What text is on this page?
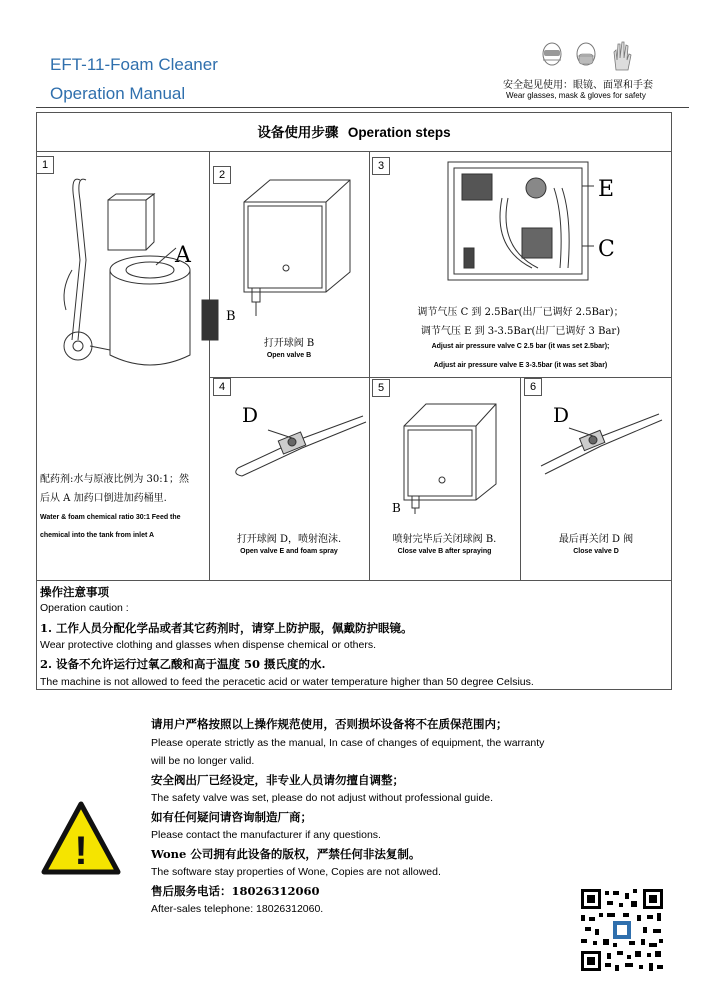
EFT-11-Foam Cleaner
Operation Manual	安全起见使用：眼镜、面罩和手套
Wear glasses, mask & gloves for safety
设备使用步骤 Operation steps
1
2
3
4	5	6
A
配药剂:水与原液比例为 30:1；然
后从 A 加药口倒进加药桶里.
Water & foam chemical ratio 30:1 Feed the
chemical into the tank from inlet A
B
打开球阀 B
Open valve B
E
C
调节气压 C 到 2.5Bar(出厂已调好 2.5Bar)；
调节气压 E 到 3-3.5Bar(出厂已调好 3 Bar)
Adjust air pressure valve C 2.5 bar (it was set 2.5bar);
Adjust air pressure valve E 3-3.5bar (it was set 3bar)
D
打开球阀 D，喷射泡沫.
Open valve E and foam spray
B
喷射完毕后关闭球阀 B.
Close valve B after spraying
D
最后再关闭 D 阀
Close valve D
操作注意事项
Operation caution :
1. 工作人员分配化学品或者其它药剂时，请穿上防护服，佩戴防护眼镜。
Wear protective clothing and glasses when dispense chemical or others.
2. 设备不允许运行过氧乙酸和高于温度 50 摄氏度的水.
The machine is not allowed to feed the peracetic acid or water temperature higher than 50 degree Celsius.
请用户严格按照以上操作规范使用，否则损坏设备将不在质保范围内；
Please operate strictly as the manual, In case of changes of equipment, the warranty
will be no longer valid.
安全阀出厂已经设定，非专业人员请勿擅自调整；
The safety valve was set, please do not adjust without professional guide.
如有任何疑问请咨询制造厂商；
Please contact the manufacturer if any questions.
Wone 公司拥有此设备的版权，严禁任何非法复制。
The software stay properties of Wone, Copies are not allowed.
售后服务电话：18026312060
After-sales telephone: 18026312060.
!
